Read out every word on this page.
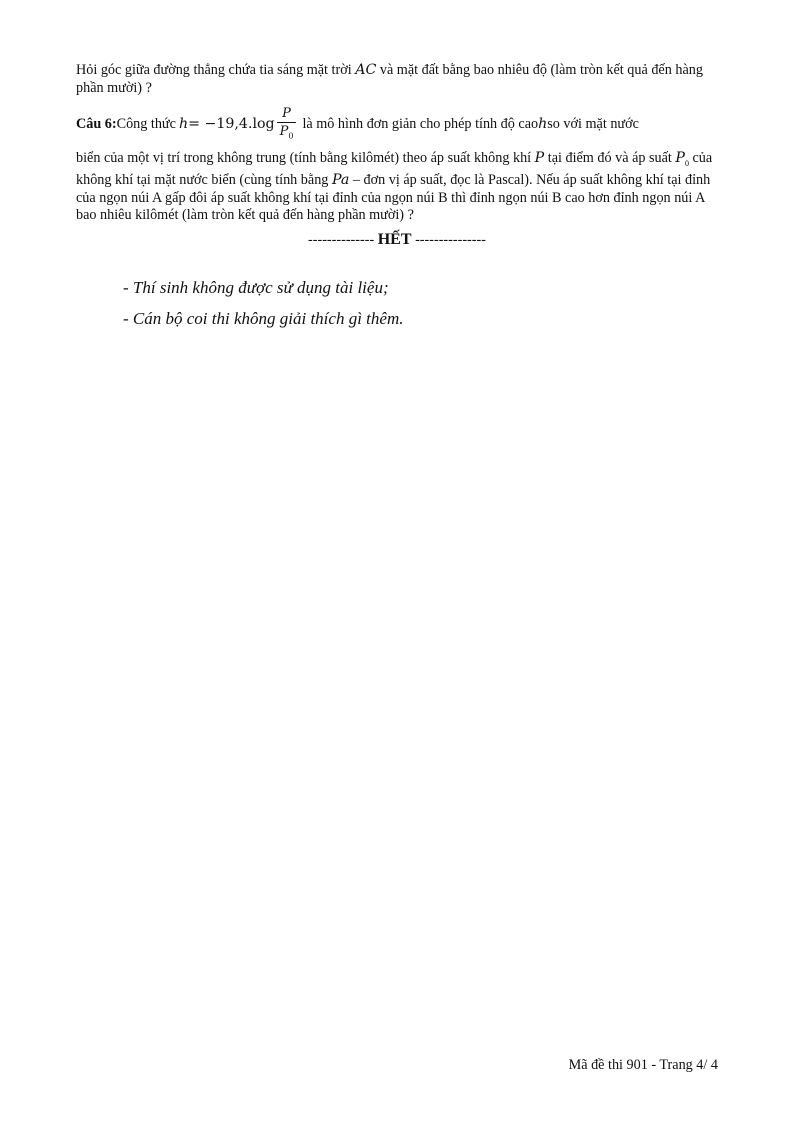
Hỏi góc giữa đường thẳng chứa tia sáng mặt trời AC và mặt đất bằng bao nhiêu độ (làm tròn kết quả đến hàng phần mười) ?

Câu 6: Công thức $h = -19,4.\log \frac{P}{P_0}$ là mô hình đơn giản cho phép tính độ cao h so với mặt nước

biển của một vị trí trong không trung (tính bằng kilômét) theo áp suất không khí P tại điểm đó và áp suất $P_0$ của không khí tại mặt nước biển (cùng tính bằng Pa – đơn vị áp suất, đọc là Pascal). Nếu áp suất không khí tại đỉnh của ngọn núi A gấp đôi áp suất không khí tại đỉnh của ngọn núi B thì đỉnh ngọn núi B cao hơn đỉnh ngọn núi A bao nhiêu kilômét (làm tròn kết quả đến hàng phần mười) ?

-------------- HẾT ---------------
- Thí sinh không được sử dụng tài liệu;
- Cán bộ coi thi không giải thích gì thêm.
Mã đề thi 901 - Trang 4/ 4
